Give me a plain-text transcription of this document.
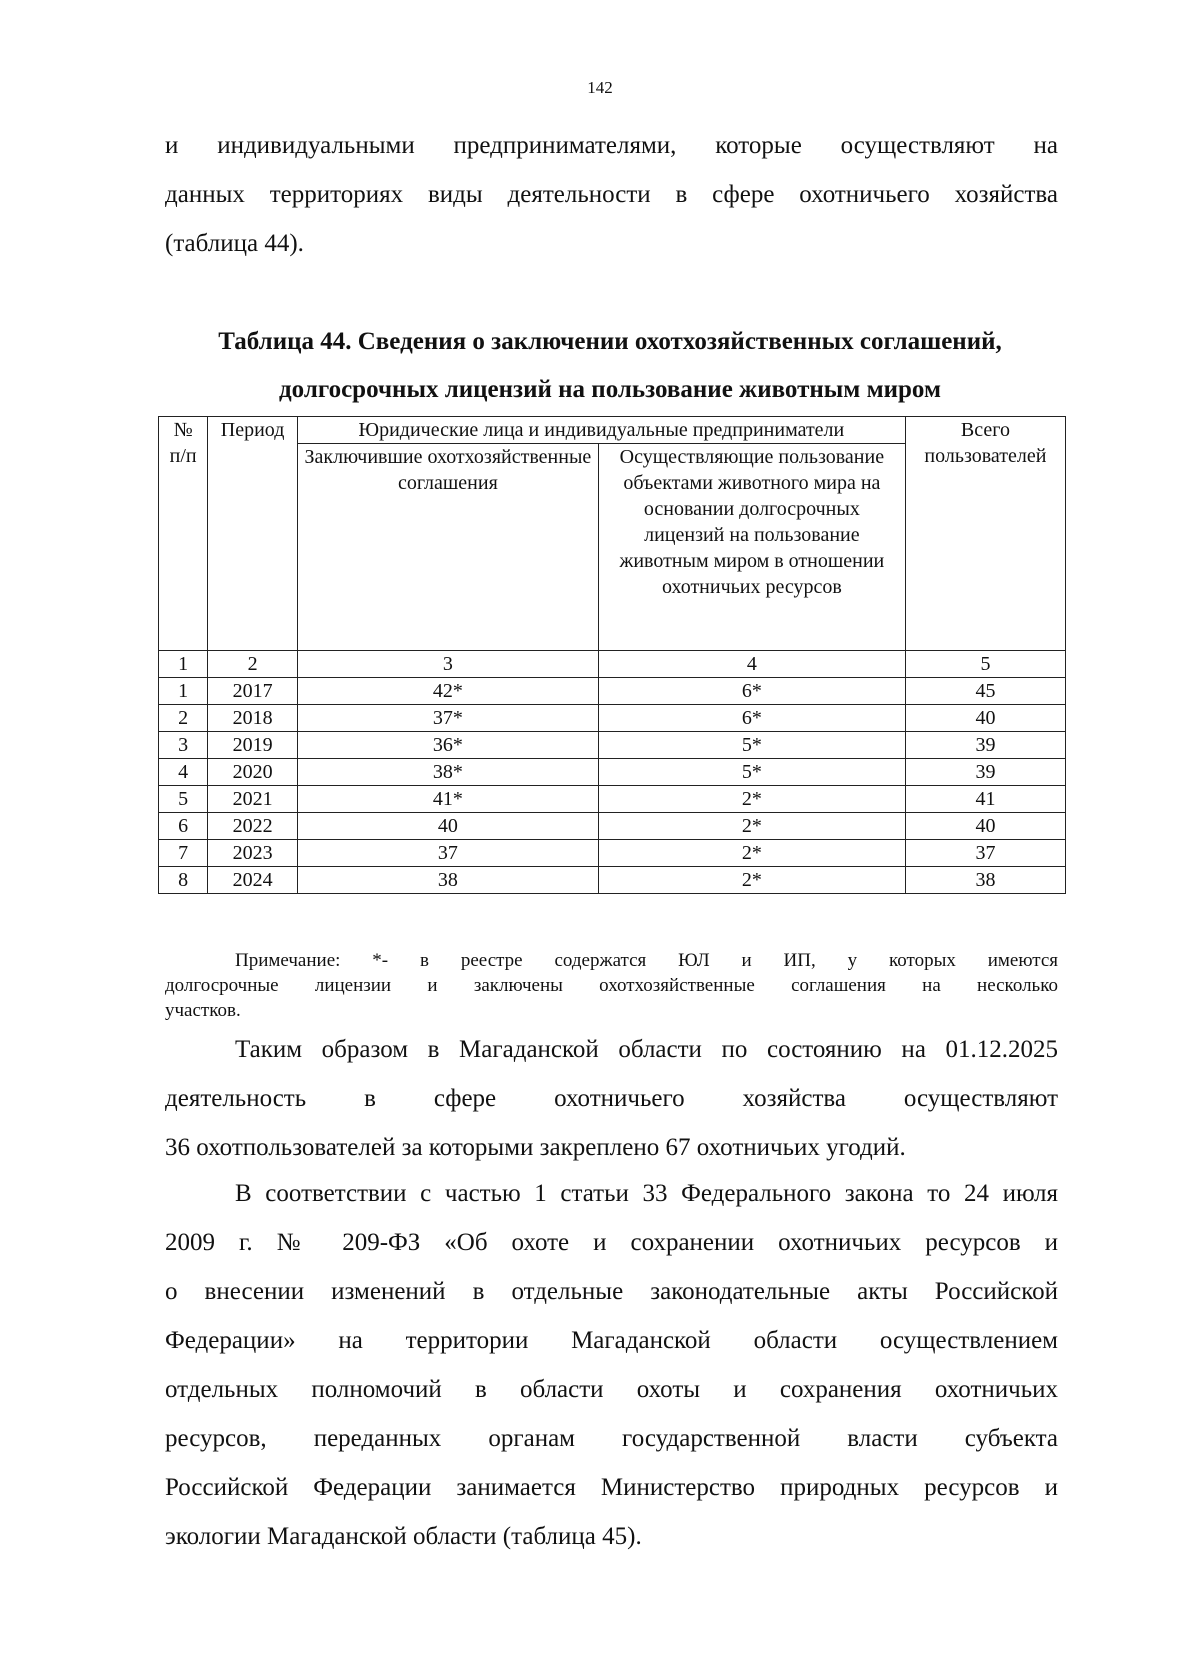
142
и индивидуальными предпринимателями, которые осуществляют на
данных территориях виды деятельности в сфере охотничьего хозяйства
(таблица 44).
Таблица 44. Сведения о заключении охотхозяйственных соглашений,
долгосрочных лицензий на пользование животным миром
№ п/п	Период	Юридические лица и индивидуальные предприниматели		Всего пользователей
		Заключившие охотхозяйственные соглашения	Осуществляющие пользование объектами животного мира на основании долгосрочных лицензий на пользование животным миром в отношении охотничьих ресурсов	
1	2	3	4	5
1	2017	42*	6*	45
2	2018	37*	6*	40
3	2019	36*	5*	39
4	2020	38*	5*	39
5	2021	41*	2*	41
6	2022	40	2*	40
7	2023	37	2*	37
8	2024	38	2*	38
Примечание: *- в реестре содержатся ЮЛ и ИП, у которых имеются
долгосрочные лицензии и заключены охотхозяйственные соглашения на несколько
участков.
Таким образом в Магаданской области по состоянию на 01.12.2025
деятельность в сфере охотничьего хозяйства осуществляют
36 охотпользователей за которыми закреплено 67 охотничьих угодий.
В соответствии с частью 1 статьи 33 Федерального закона то 24 июля
2009 г. № 209-ФЗ «Об охоте и сохранении охотничьих ресурсов и
о внесении изменений в отдельные законодательные акты Российской
Федерации» на территории Магаданской области осуществлением
отдельных полномочий в области охоты и сохранения охотничьих
ресурсов, переданных органам государственной власти субъекта
Российской Федерации занимается Министерство природных ресурсов и
экологии Магаданской области (таблица 45).
